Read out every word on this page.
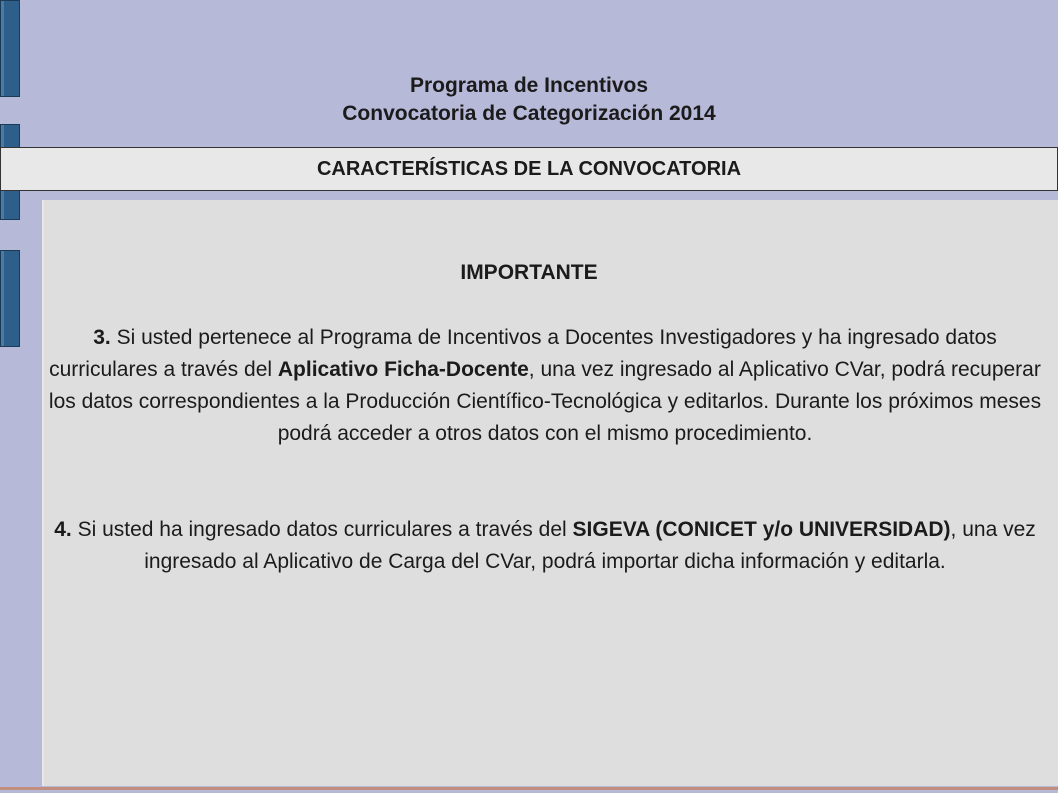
Programa de Incentivos
Convocatoria de Categorización 2014
CARACTERÍSTICAS DE LA CONVOCATORIA
IMPORTANTE
3. Si usted pertenece al Programa de Incentivos a Docentes Investigadores y ha ingresado datos curriculares a través del Aplicativo Ficha-Docente, una vez ingresado al Aplicativo CVar, podrá recuperar los datos correspondientes a la Producción Científico-Tecnológica y editarlos. Durante los próximos meses podrá acceder a otros datos con el mismo procedimiento.
4. Si usted ha ingresado datos curriculares a través del SIGEVA (CONICET y/o UNIVERSIDAD), una vez ingresado al Aplicativo de Carga del CVar, podrá importar dicha información y editarla.
